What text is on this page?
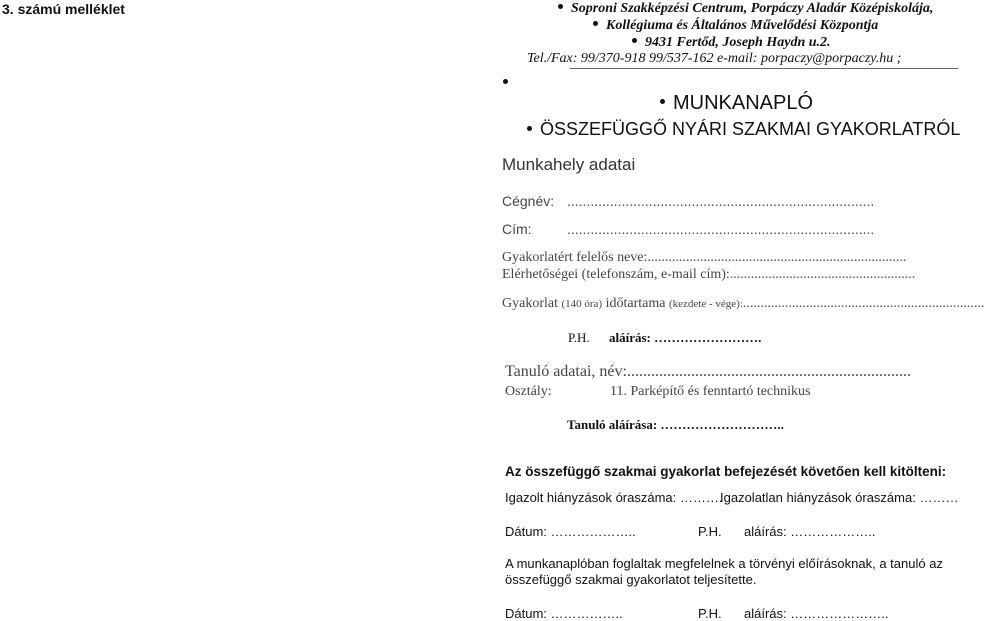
3. számú melléklet	Soproni Szakképzési Centrum, Porpáczy Aladár Középiskolája,
Kollégiuma és Általános Művelődési Központja
9431 Fertőd, Joseph Haydn u.2.
Tel./Fax: 99/370-918 99/537-162 e-mail: porpaczy@porpaczy.hu ;
MUNKANAPLÓ
ÖSSZEFÜGGŐ NYÁRI SZAKMAI GYAKORLATRÓL
Munkahely adatai
Cégnév: ...............................................................................
Cím:	...............................................................................
Gyakorlatért felelős neve:..........................................................................
Elérhetőségei (telefonszám, e-mail cím):.....................................................
Gyakorlat (140 óra) időtartama (kezdete - vége):.....................................................................
P.H. aláírás: …………………….
Tanuló adatai, név:.......................................................................
Osztály:	11. Parképítő és fenntartó technikus
Tanuló aláírása: ………………………..
Az összefüggő szakmai gyakorlat befejezését követően kell kitölteni:
Igazolt hiányzások óraszáma: ……….
Igazolatlan hiányzások óraszáma: ………
Dátum: ………………..	P.H. aláírás: ………………..
A munkanaplóban foglaltak megfelelnek a törvényi előírásoknak, a tanuló az
összefüggő szakmai gyakorlatot teljesítette.
Dátum: ……………..	P.H. aláírás: …………………..
